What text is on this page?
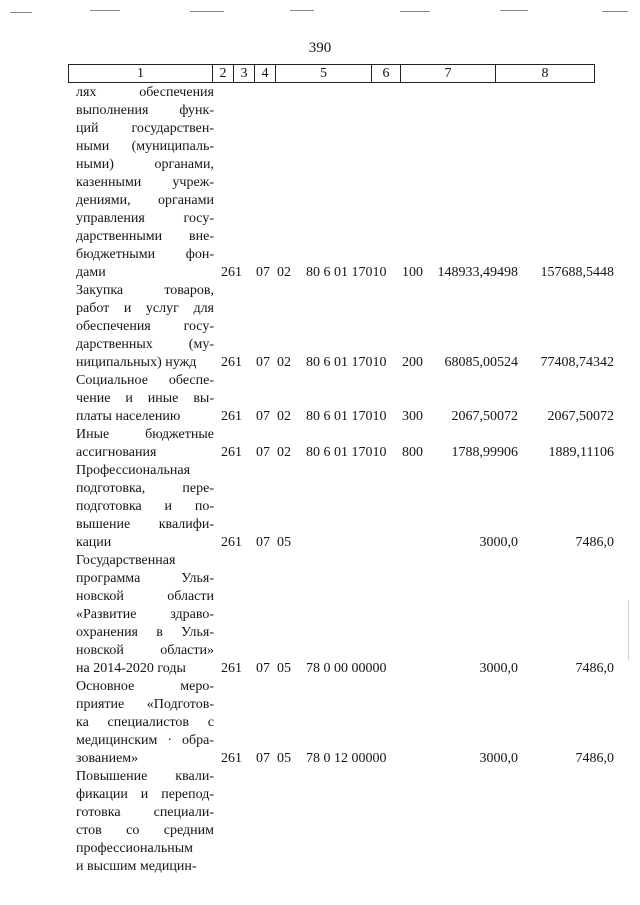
390
1	2	3	4	5	6	7	8
лях обеспечения
выполнения функ-
ций государствен-
ными (муниципаль-
ными) органами,
казенными учреж-
дениями, органами
управления госу-
дарственными вне-
бюджетными фон-
дами	261 07 02 80 6 01 17010 100 148933,49498 157688,5448
Закупка товаров,
работ и услуг для
обеспечения госу-
дарственных (му-
ниципальных) нужд	261 07 02 80 6 01 17010 200 68085,00524 77408,74342
Социальное обеспе-
чение и иные вы-
платы населению	261 07 02 80 6 01 17010 300 2067,50072 2067,50072
Иные бюджетные
ассигнования	261 07 02 80 6 01 17010 800 1788,99906 1889,11106
Профессиональная
подготовка, пере-
подготовка и по-
вышение квалифи-
кации	261 07 05	3000,0	7486,0
Государственная
программа Улья-
новской области
«Развитие здраво-
охранения в Улья-
новской области»
на 2014-2020 годы	261 07 05 78 0 00 00000	3000,0	7486,0
Основное меро-
приятие «Подготов-
ка специалистов с
медицинским · обра-
зованием»	261 07 05 78 0 12 00000	3000,0	7486,0
Повышение квали-
фикации и перепод-
готовка специали-
стов со средним
профессиональным
и высшим медицин-
